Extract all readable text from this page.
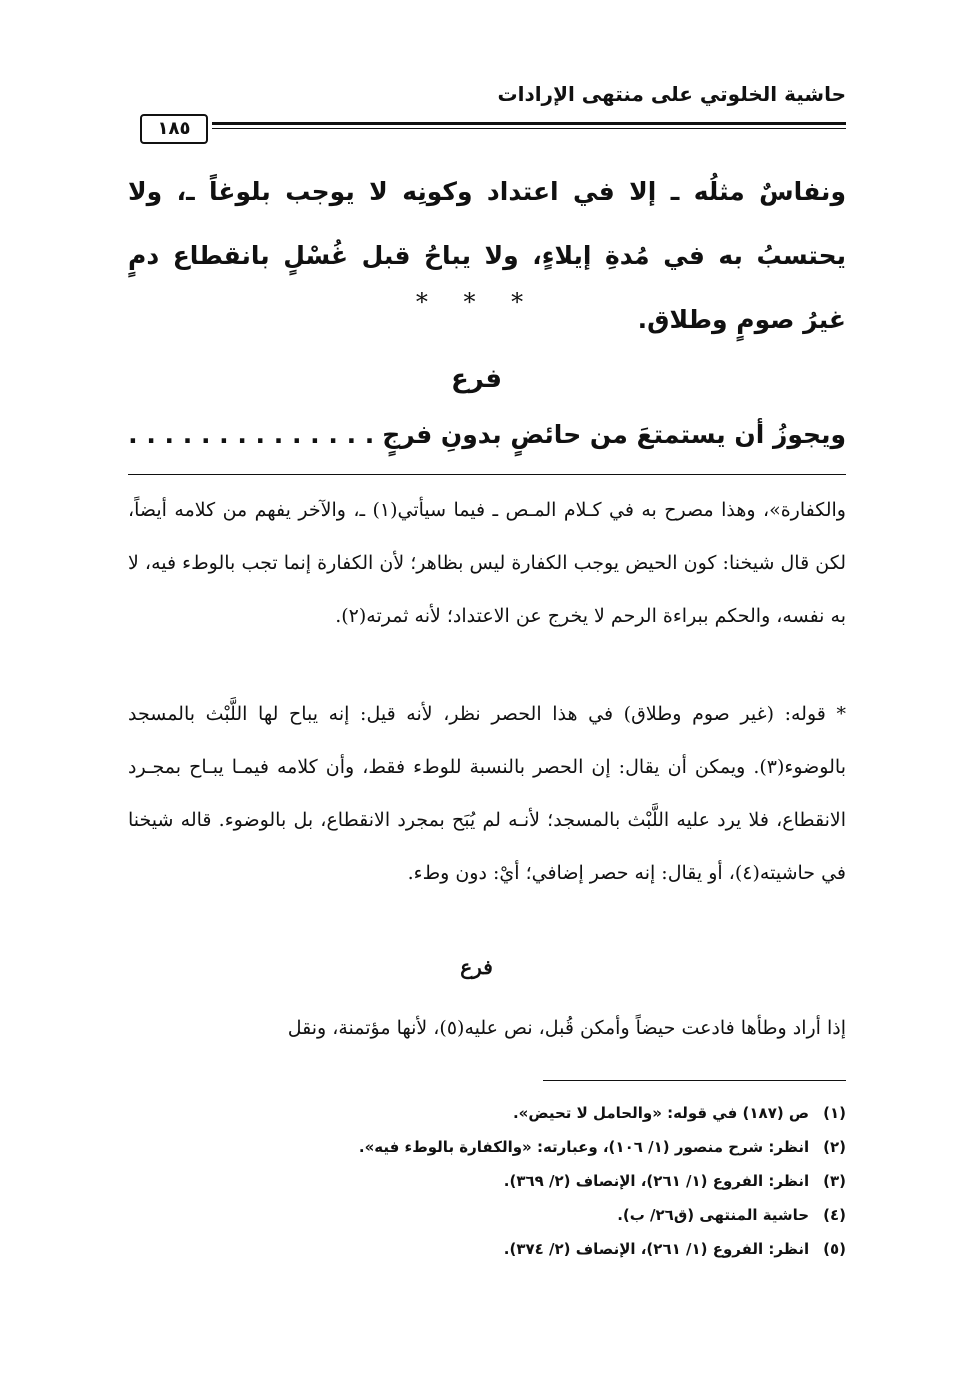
حاشية الخلوتي على منتهى الإرادات
١٨٥
ونفاسٌ مثلُه ـ إلا في اعتداد وكونِه لا يوجب بلوغاً ـ، ولا يحتسبُ به في مُدةِ إيلاءٍ، ولا يباحُ قبل غُسْلٍ بانقطاع دمٍ غيرُ صومٍ وطلاق.
* * *
فرع
ويجوزُ أن يستمتعَ من حائضٍ بدونِ فرجٍ. . . . . . . . . . . . . .
والكفارة»، وهذا مصرح به في كـلام المـص ـ فيما سيأتي(١) ـ، والآخر يفهم من كلامه أيضاً، لكن قال شيخنا: كون الحيض يوجب الكفارة ليس بظاهر؛ لأن الكفارة إنما تجب بالوطء فيه، لا به نفسه، والحكم ببراءة الرحم لا يخرج عن الاعتداد؛ لأنه ثمرته(٢).
* قوله: (غير صوم وطلاق) في هذا الحصر نظر، لأنه قيل: إنه يباح لها اللَّبْث بالمسجد بالوضوء(٣). ويمكن أن يقال: إن الحصر بالنسبة للوطء فقط، وأن كلامه فيمـا يبـاح بمجـرد الانقطاع، فلا يرد عليه اللَّبْث بالمسجد؛ لأنـه لم يُبَح بمجرد الانقطاع، بل بالوضوء. قاله شيخنا في حاشيته(٤)، أو يقال: إنه حصر إضافي؛ أيْ: دون وطء.
فرع
إذا أراد وطأها فادعت حيضاً وأمكن قُبل، نص عليه(٥)، لأنها مؤتمنة، ونقل
(١)ص (١٨٧) في قوله: «والحامل لا تحيض».
(٢)انظر: شرح منصور (١/ ١٠٦)، وعبارته: «والكفارة بالوطء فيه».
(٣)انظر: الفروع (١/ ٢٦١)، الإنصاف (٢/ ٣٦٩).
(٤)حاشية المنتهى (ق٢٦/ ب).
(٥)انظر: الفروع (١/ ٢٦١)، الإنصاف (٢/ ٣٧٤).
